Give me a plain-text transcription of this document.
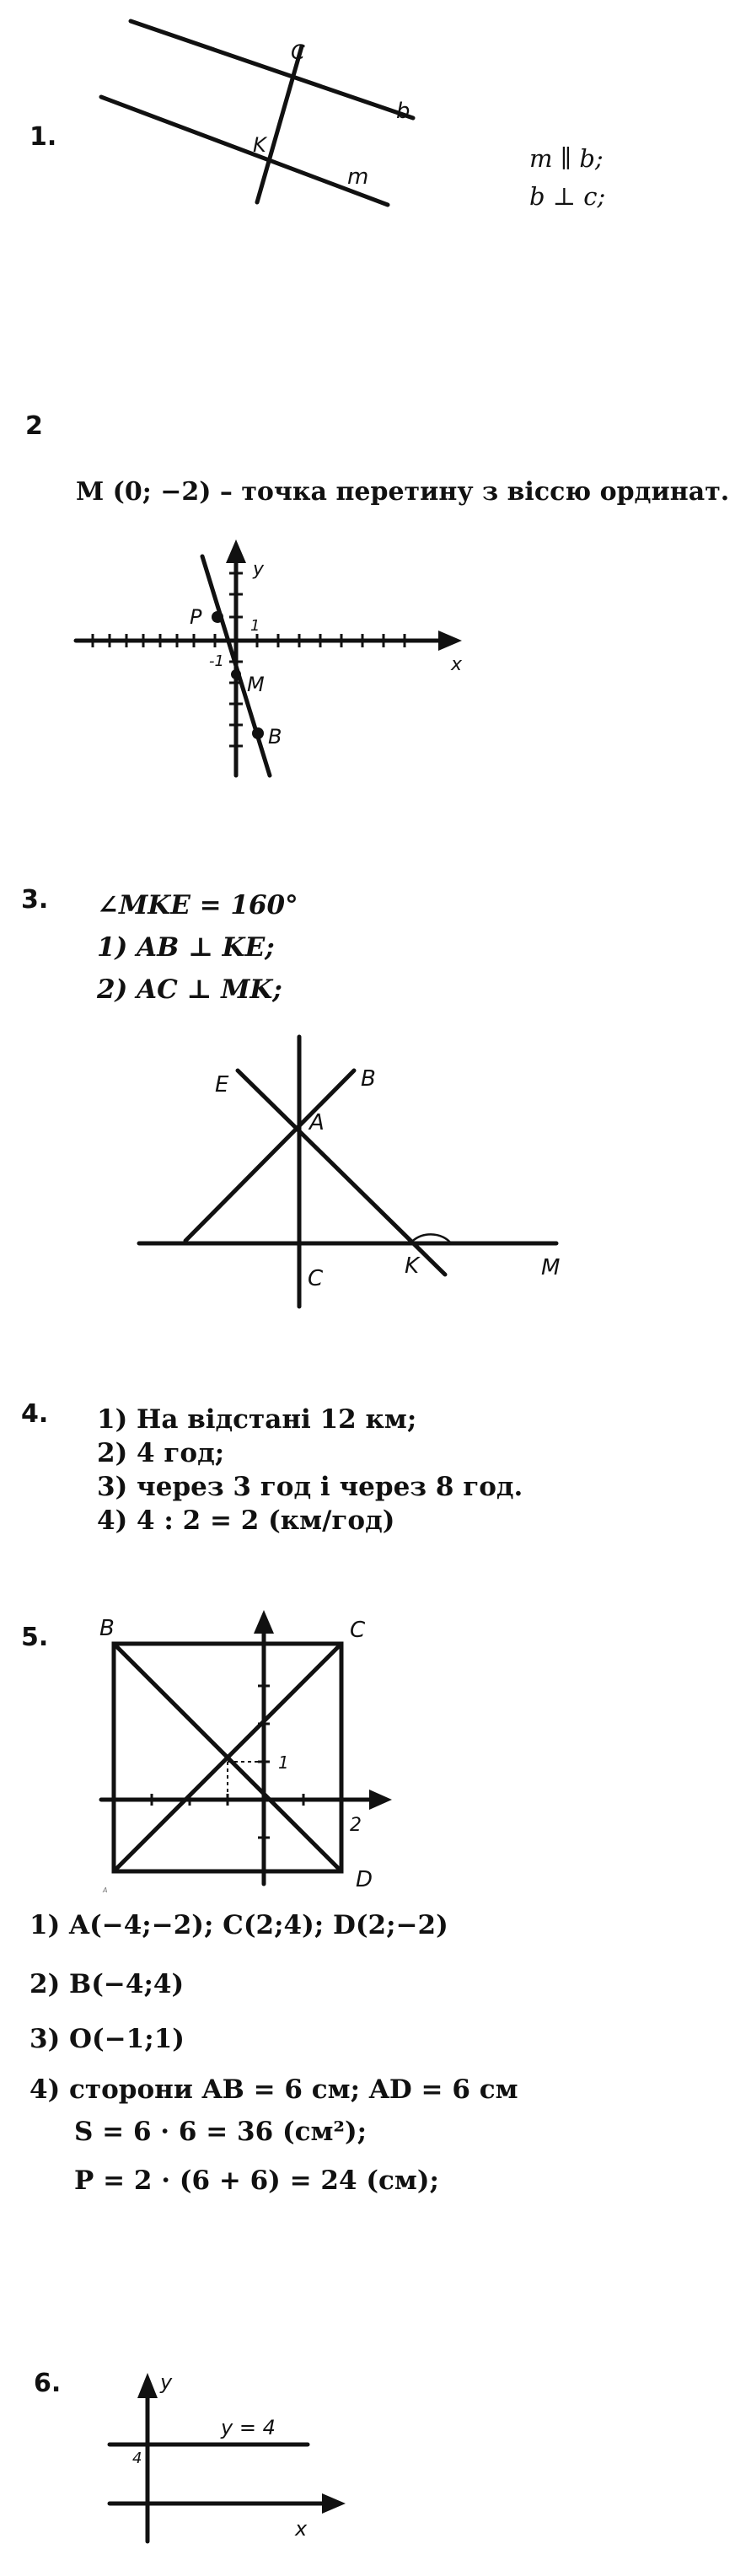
1.
C
b
K
m
m ∥ b;
b ⊥ c;
2
M (0; −2) – точка перетину з віссю ординат.
y
x
P	1
-1
M
B
3. ∠MKE = 160°
1) AB ⊥ KE;
2) AC ⊥ MK;
E	B
A
C	K	M
4. 1) На відстані 12 км;
2) 4 год;
3) через 3 год і через 8 год.
4) 4 : 2 = 2 (км/год)
5. B	C
1
2
D
A
1) A(−4;−2); C(2;4); D(2;−2)
2) B(−4;4)
3) O(−1;1)
4) сторони AB = 6 см; AD = 6 см
S = 6 · 6 = 36 (см²);
P = 2 · (6 + 6) = 24 (см);
6.	y
4
y = 4
x
